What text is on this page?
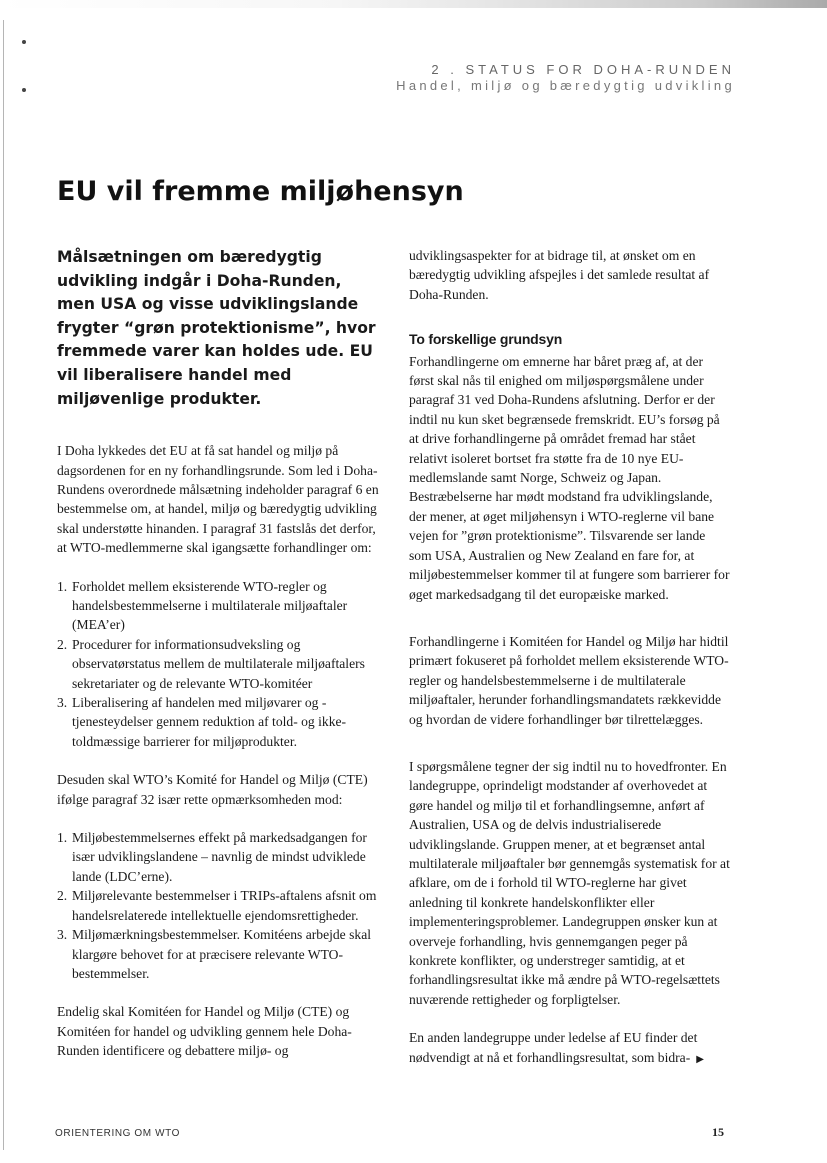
2 . STATUS FOR DOHA-RUNDEN
Handel, miljø og bæredygtig udvikling
EU vil fremme miljøhensyn

Målsætningen om bæredygtig udvikling indgår i Doha-Runden, men USA og visse udviklingslande frygter “grøn protektionisme”, hvor fremmede varer kan holdes ude. EU vil liberalisere handel med miljøvenlige produkter.

I Doha lykkedes det EU at få sat handel og miljø på dagsordenen for en ny forhandlingsrunde. Som led i Doha-Rundens overordnede målsætning indeholder paragraf 6 en bestemmelse om, at handel, miljø og bæredygtig udvikling skal understøtte hinanden. I paragraf 31 fastslås det derfor, at WTO-medlemmerne skal igangsætte forhandlinger om:

1. Forholdet mellem eksisterende WTO-regler og handelsbestemmelserne i multilaterale miljøaftaler (MEA’er)
2. Procedurer for informationsudveksling og observatørstatus mellem de multilaterale miljøaftalers sekretariater og de relevante WTO-komitéer
3. Liberalisering af handelen med miljøvarer og -tjenesteydelser gennem reduktion af told- og ikke-toldmæssige barrierer for miljøprodukter.

Desuden skal WTO’s Komité for Handel og Miljø (CTE) ifølge paragraf 32 især rette opmærksomheden mod:

1. Miljøbestemmelsernes effekt på markedsadgangen for især udviklingslandene – navnlig de mindst udviklede lande (LDC’erne).
2. Miljørelevante bestemmelser i TRIPs-aftalens afsnit om handelsrelaterede intellektuelle ejendomsrettigheder.
3. Miljømærkningsbestemmelser. Komitéens arbejde skal klargøre behovet for at præcisere relevante WTO-bestemmelser.

Endelig skal Komitéen for Handel og Miljø (CTE) og Komitéen for handel og udvikling gennem hele Doha-Runden identificere og debattere miljø- og

udviklingsaspekter for at bidrage til, at ønsket om en bæredygtig udvikling afspejles i det samlede resultat af Doha-Runden.

To forskellige grundsyn

Forhandlingerne om emnerne har båret præg af, at der først skal nås til enighed om miljøspørgsmålene under paragraf 31 ved Doha-Rundens afslutning. Derfor er der indtil nu kun sket begrænsede fremskridt. EU’s forsøg på at drive forhandlingerne på området fremad har stået relativt isoleret bortset fra støtte fra de 10 nye EU-medlemslande samt Norge, Schweiz og Japan. Bestræbelserne har mødt modstand fra udviklingslande, der mener, at øget miljøhensyn i WTO-reglerne vil bane vejen for ”grøn protektionisme”. Tilsvarende ser lande som USA, Australien og New Zealand en fare for, at miljøbestemmelser kommer til at fungere som barrierer for øget markedsadgang til det europæiske marked.

Forhandlingerne i Komitéen for Handel og Miljø har hidtil primært fokuseret på forholdet mellem eksisterende WTO-regler og handelsbestemmelserne i de multilaterale miljøaftaler, herunder forhandlingsmandatets rækkevidde og hvordan de videre forhandlinger bør tilrettelægges.

I spørgsmålene tegner der sig indtil nu to hovedfronter. En landegruppe, oprindeligt modstander af overhovedet at gøre handel og miljø til et forhandlingsemne, anført af Australien, USA og de delvis industrialiserede udviklingslande. Gruppen mener, at et begrænset antal multilaterale miljøaftaler bør gennemgås systematisk for at afklare, om de i forhold til WTO-reglerne har givet anledning til konkrete handelskonflikter eller implementeringsproblemer. Landegruppen ønsker kun at overveje forhandling, hvis gennemgangen peger på konkrete konflikter, og understreger samtidig, at et forhandlingsresultat ikke må ændre på WTO-regelsættets nuværende rettigheder og forpligtelser.

En anden landegruppe under ledelse af EU finder det nødvendigt at nå et forhandlingsresultat, som bidra- ▶

ORIENTERING OM WTO	15
